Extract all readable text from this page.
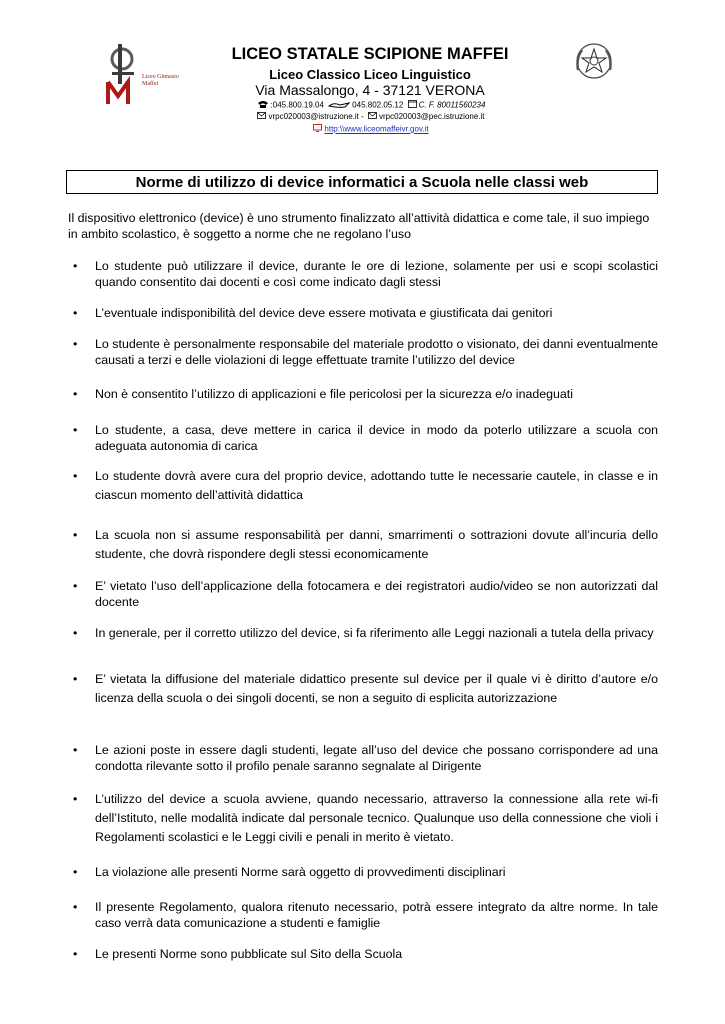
Liceo Ginnasio Maffei
LICEO STATALE SCIPIONE MAFFEI
Liceo Classico Liceo Linguistico
Via Massalongo, 4 - 37121 VERONA
:045.800.19.04	045.802.05.12 C. F. 80011560234
vrpc020003@istruzione.it - vrpc020003@pec.istruzione.it
http:\\www.liceomaffeivr.gov.it
Norme di utilizzo di device informatici a Scuola nelle classi web
Il dispositivo elettronico (device) è uno strumento finalizzato all’attività didattica e come tale, il suo impiego in ambito scolastico, è soggetto a norme che ne regolano l’uso
•	Lo studente può utilizzare il device, durante le ore di lezione, solamente per usi e scopi scolastici quando consentito dai docenti e così come indicato dagli stessi
•	L’eventuale indisponibilità del device deve essere motivata e giustificata dai genitori
•	Lo studente è personalmente responsabile del materiale prodotto o visionato, dei danni eventualmente causati a terzi e delle violazioni di legge effettuate tramite l’utilizzo del device
•	Non è consentito l’utilizzo di applicazioni e file pericolosi per la sicurezza e/o inadeguati
•	Lo studente, a casa, deve mettere in carica il device in modo da poterlo utilizzare a scuola con adeguata autonomia di carica
•	Lo studente dovrà avere cura del proprio device, adottando tutte le necessarie cautele, in classe e in ciascun momento dell’attività didattica
•	La scuola non si assume responsabilità per danni, smarrimenti o sottrazioni dovute all’incuria dello studente, che dovrà rispondere degli stessi economicamente
•	E’ vietato l’uso dell’applicazione della fotocamera e dei registratori audio/video se non autorizzati dal docente
•	In generale, per il corretto utilizzo del device, si fa riferimento alle Leggi nazionali a tutela della privacy
•	E’ vietata la diffusione del materiale didattico presente sul device per il quale vi è diritto d’autore e/o licenza della scuola o dei singoli docenti, se non a seguito di esplicita autorizzazione
•	Le azioni poste in essere dagli studenti, legate all’uso del device che possano corrispondere ad una condotta rilevante sotto il profilo penale saranno segnalate al Dirigente
•	L’utilizzo del device a scuola avviene, quando necessario, attraverso la connessione alla rete wi-fi dell’Istituto, nelle modalità indicate dal personale tecnico. Qualunque uso della connessione che violi i Regolamenti scolastici e le Leggi civili e penali in merito è vietato.
•	La violazione alle presenti Norme sarà oggetto di provvedimenti disciplinari
•	Il presente Regolamento, qualora ritenuto necessario, potrà essere integrato da altre norme. In tale caso verrà data comunicazione a studenti e famiglie
•	Le presenti Norme sono pubblicate sul Sito della Scuola
